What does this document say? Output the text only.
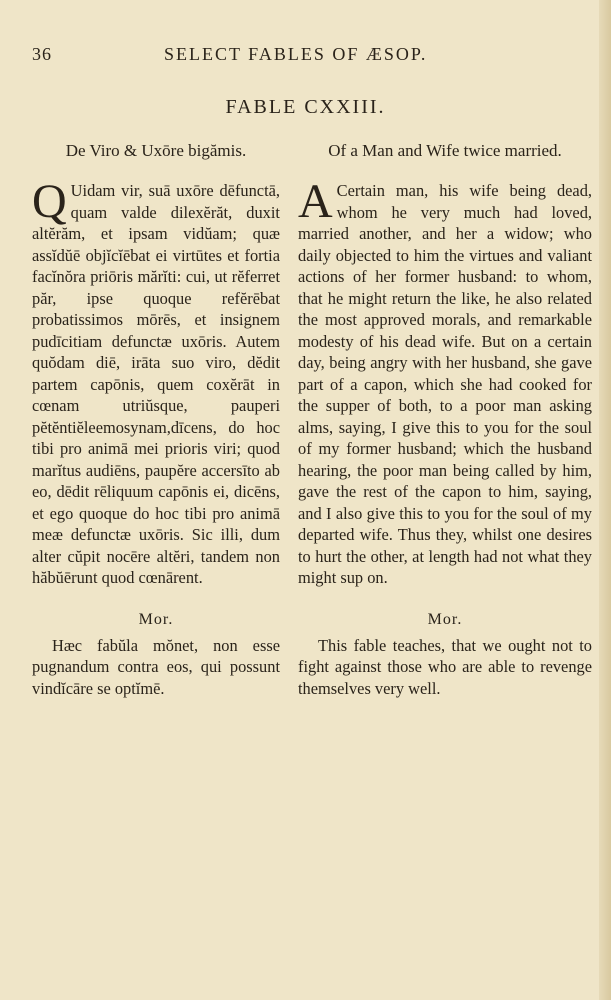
36	SELECT FABLES OF ÆSOP.
FABLE CXXIII.

De Viro & Uxōre bigămis.

Q Uidam vir, suā uxōre dēfunctā, quam valde dilexĕrăt, duxit altĕrăm, et ipsam vidŭam; quæ assĭdŭē objĭcĭēbat ei virtūtes et fortia facĭnŏra priōris mărĭti: cui, ut rĕferret păr, ipse quoque refĕrēbat probatissimos mōrēs, et insignem pudīcitiam defunctæ uxōris. Autem quŏdam diē, irāta suo viro, dĕdit partem capōnis, quem coxĕrāt in cœnam utriŭsque, pauperi pĕtĕntiĕleemosynam,dīcens, do hoc tibi pro animā mei prioris viri; quod marĭtus audiēns, paupĕre accersīto ab eo, dēdit rēliquum capōnis ei, dicēns, et ego quoque do hoc tibi pro animā meæ defunctæ uxōris. Sic illi, dum alter cŭpit nocēre altĕri, tandem non hăbŭērunt quod cœnārent.

Mor.

Hæc fabŭla mŏnet, non esse pugnandum contra eos, qui possunt vindĭcāre se optĭmē.

Of a Man and Wife twice married.

A Certain man, his wife being dead, whom he very much had loved, married another, and her a widow; who daily objected to him the virtues and valiant actions of her former husband: to whom, that he might return the like, he also related the most approved morals, and remarkable modesty of his dead wife. But on a certain day, being angry with her husband, she gave part of a capon, which she had cooked for the supper of both, to a poor man asking alms, saying, I give this to you for the soul of my former husband; which the husband hearing, the poor man being called by him, gave the rest of the capon to him, saying, and I also give this to you for the soul of my departed wife. Thus they, whilst one desires to hurt the other, at length had not what they might sup on.

Mor.

This fable teaches, that we ought not to fight against those who are able to revenge themselves very well.
